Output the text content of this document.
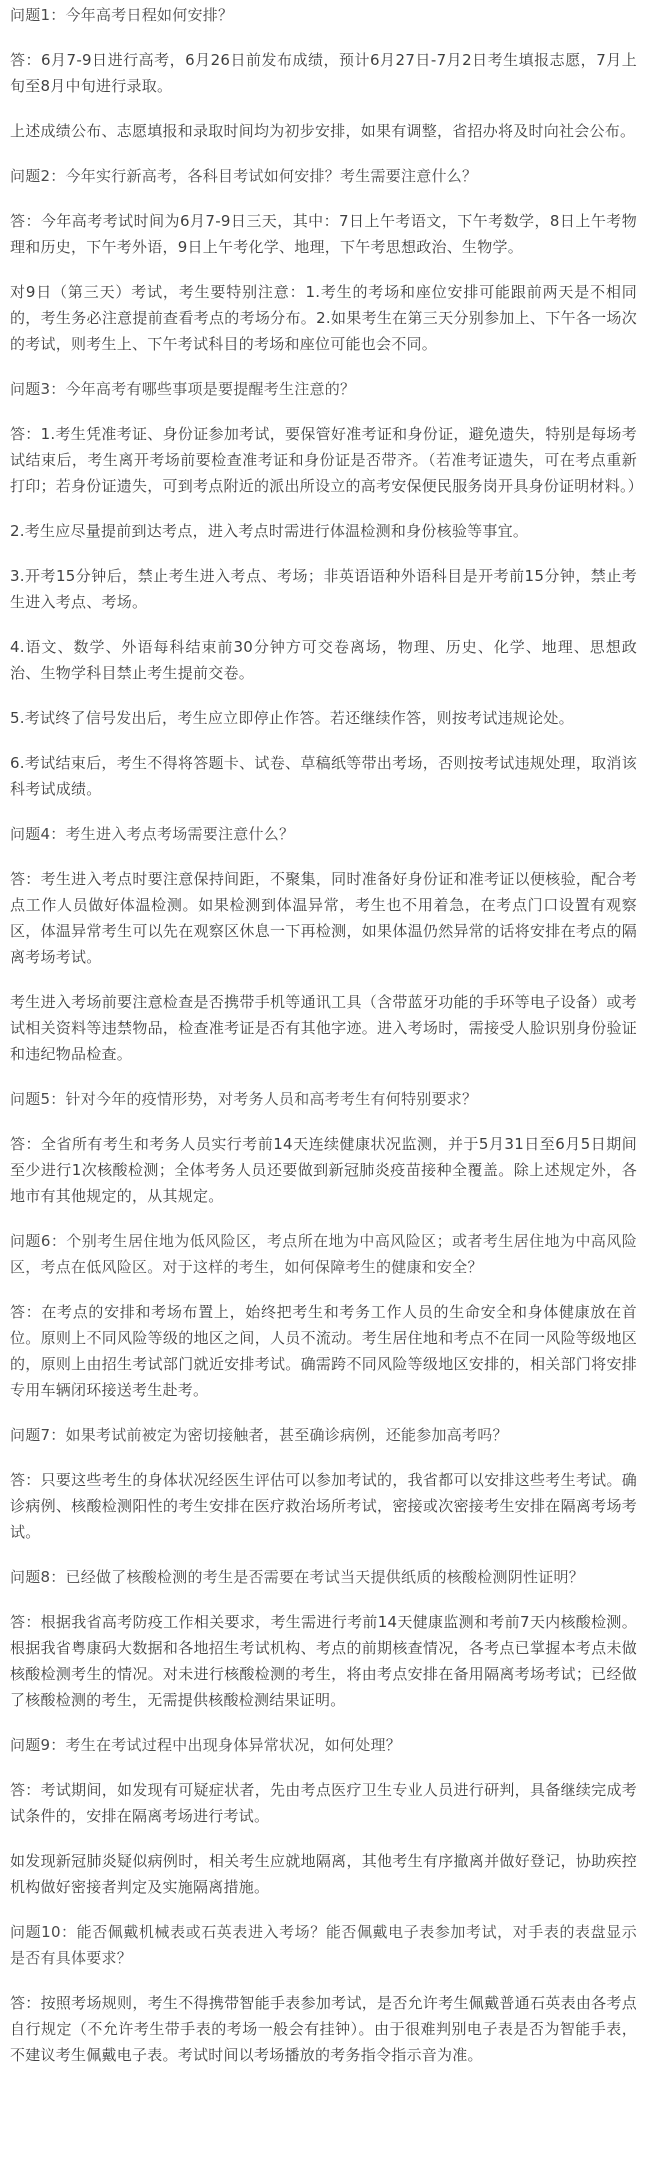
问题1：今年高考日程如何安排？

答：6月7-9日进行高考，6月26日前发布成绩，预计6月27日-7月2日考生填报志愿，7月上旬至8月中旬进行录取。

上述成绩公布、志愿填报和录取时间均为初步安排，如果有调整，省招办将及时向社会公布。

问题2：今年实行新高考，各科目考试如何安排？考生需要注意什么？

答：今年高考考试时间为6月7-9日三天，其中：7日上午考语文，下午考数学，8日上午考物理和历史，下午考外语，9日上午考化学、地理，下午考思想政治、生物学。

对9日（第三天）考试，考生要特别注意：1.考生的考场和座位安排可能跟前两天是不相同的，考生务必注意提前查看考点的考场分布。2.如果考生在第三天分别参加上、下午各一场次的考试，则考生上、下午考试科目的考场和座位可能也会不同。

问题3：今年高考有哪些事项是要提醒考生注意的？

答：1.考生凭准考证、身份证参加考试，要保管好准考证和身份证，避免遗失，特别是每场考试结束后，考生离开考场前要检查准考证和身份证是否带齐。（若准考证遗失，可在考点重新打印；若身份证遗失，可到考点附近的派出所设立的高考安保便民服务岗开具身份证明材料。）

2.考生应尽量提前到达考点，进入考点时需进行体温检测和身份核验等事宜。

3.开考15分钟后，禁止考生进入考点、考场；非英语语种外语科目是开考前15分钟，禁止考生进入考点、考场。

4.语文、数学、外语每科结束前30分钟方可交卷离场，物理、历史、化学、地理、思想政治、生物学科目禁止考生提前交卷。

5.考试终了信号发出后，考生应立即停止作答。若还继续作答，则按考试违规论处。

6.考试结束后，考生不得将答题卡、试卷、草稿纸等带出考场，否则按考试违规处理，取消该科考试成绩。

问题4：考生进入考点考场需要注意什么？

答：考生进入考点时要注意保持间距，不聚集，同时准备好身份证和准考证以便核验，配合考点工作人员做好体温检测。如果检测到体温异常，考生也不用着急，在考点门口设置有观察区，体温异常考生可以先在观察区休息一下再检测，如果体温仍然异常的话将安排在考点的隔离考场考试。

考生进入考场前要注意检查是否携带手机等通讯工具（含带蓝牙功能的手环等电子设备）或考试相关资料等违禁物品，检查准考证是否有其他字迹。进入考场时，需接受人脸识别身份验证和违纪物品检查。

问题5：针对今年的疫情形势，对考务人员和高考考生有何特别要求？

答：全省所有考生和考务人员实行考前14天连续健康状况监测，并于5月31日至6月5日期间至少进行1次核酸检测；全体考务人员还要做到新冠肺炎疫苗接种全覆盖。除上述规定外，各地市有其他规定的，从其规定。

问题6：个别考生居住地为低风险区，考点所在地为中高风险区；或者考生居住地为中高风险区，考点在低风险区。对于这样的考生，如何保障考生的健康和安全？

答：在考点的安排和考场布置上，始终把考生和考务工作人员的生命安全和身体健康放在首位。原则上不同风险等级的地区之间，人员不流动。考生居住地和考点不在同一风险等级地区的，原则上由招生考试部门就近安排考试。确需跨不同风险等级地区安排的，相关部门将安排专用车辆闭环接送考生赴考。

问题7：如果考试前被定为密切接触者，甚至确诊病例，还能参加高考吗？

答：只要这些考生的身体状况经医生评估可以参加考试的，我省都可以安排这些考生考试。确诊病例、核酸检测阳性的考生安排在医疗救治场所考试，密接或次密接考生安排在隔离考场考试。

问题8：已经做了核酸检测的考生是否需要在考试当天提供纸质的核酸检测阴性证明？

答：根据我省高考防疫工作相关要求，考生需进行考前14天健康监测和考前7天内核酸检测。根据我省粤康码大数据和各地招生考试机构、考点的前期核查情况，各考点已掌握本考点未做核酸检测考生的情况。对未进行核酸检测的考生，将由考点安排在备用隔离考场考试；已经做了核酸检测的考生，无需提供核酸检测结果证明。

问题9：考生在考试过程中出现身体异常状况，如何处理？

答：考试期间，如发现有可疑症状者，先由考点医疗卫生专业人员进行研判，具备继续完成考试条件的，安排在隔离考场进行考试。

如发现新冠肺炎疑似病例时，相关考生应就地隔离，其他考生有序撤离并做好登记，协助疾控机构做好密接者判定及实施隔离措施。

问题10：能否佩戴机械表或石英表进入考场？能否佩戴电子表参加考试，对手表的表盘显示是否有具体要求？

答：按照考场规则，考生不得携带智能手表参加考试，是否允许考生佩戴普通石英表由各考点自行规定（不允许考生带手表的考场一般会有挂钟）。由于很难判别电子表是否为智能手表，不建议考生佩戴电子表。考试时间以考场播放的考务指令指示音为准。
